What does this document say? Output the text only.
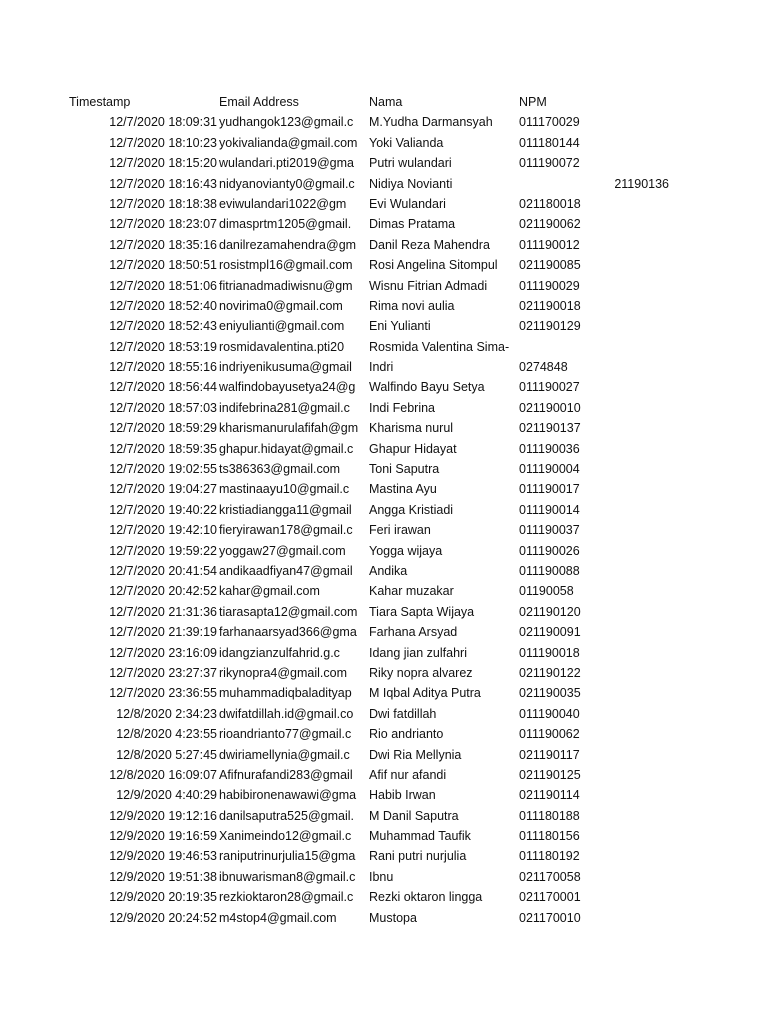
Timestamp	Email Address	Nama	NPM
12/7/2020 18:09:31 yudhangok123@gmail.c	M.Yudha Darmansyah	011170029
12/7/2020 18:10:23 yokivalianda@gmail.com Yoki Valianda	011180144
12/7/2020 18:15:20 wulandari.pti2019@gma	Putri wulandari	011190072
12/7/2020 18:16:43 nidyanovianty0@gmail.c	Nidiya Novianti	21190136
12/7/2020 18:18:38 eviwulandari1022@gm	Evi Wulandari	021180018
12/7/2020 18:23:07 dimasprtm1205@gmail.	Dimas Pratama	021190062
12/7/2020 18:35:16 danilrezamahendra@gm	Danil Reza Mahendra	011190012
12/7/2020 18:50:51 rosistmpl16@gmail.com	Rosi Angelina Sitompul	021190085
12/7/2020 18:51:06 fitrianadmadiwisnu@gm	Wisnu Fitrian Admadi	011190029
12/7/2020 18:52:40 novirima0@gmail.com	Rima novi aulia	021190018
12/7/2020 18:52:43 eniyulianti@gmail.com	Eni Yulianti	021190129
12/7/2020 18:53:19 rosmidavalentina.pti20	Rosmida Valentina Sima-
12/7/2020 18:55:16 indriyenikusuma@gmail	Indri	0274848
12/7/2020 18:56:44 walfindobayusetya24@g	Walfindo Bayu Setya	011190027
12/7/2020 18:57:03 indifebrina281@gmail.c	Indi Febrina	021190010
12/7/2020 18:59:29 kharismanurulafifah@gm Kharisma nurul	021190137
12/7/2020 18:59:35 ghapur.hidayat@gmail.c	Ghapur Hidayat	011190036
12/7/2020 19:02:55 ts386363@gmail.com	Toni Saputra	011190004
12/7/2020 19:04:27 mastinaayu10@gmail.c	Mastina Ayu	011190017
12/7/2020 19:40:22 kristiadiangga11@gmail	Angga Kristiadi	011190014
12/7/2020 19:42:10 fieryirawan178@gmail.c	Feri irawan	011190037
12/7/2020 19:59:22 yoggaw27@gmail.com	Yogga wijaya	011190026
12/7/2020 20:41:54 andikaadfiyan47@gmail	Andika	011190088
12/7/2020 20:42:52 kahar@gmail.com	Kahar muzakar	01190058
12/7/2020 21:31:36 tiarasapta12@gmail.com Tiara Sapta Wijaya	021190120
12/7/2020 21:39:19 farhanaarsyad366@gma Farhana Arsyad	021190091
12/7/2020 23:16:09 idangzianzulfahrid.g.c	Idang jian zulfahri	011190018
12/7/2020 23:27:37 rikynopra4@gmail.com	Riky nopra alvarez	021190122
12/7/2020 23:36:55 muhammadiqbaladityap	M Iqbal Aditya Putra	021190035
12/8/2020 2:34:23 dwifatdillah.id@gmail.co	Dwi fatdillah	011190040
12/8/2020 4:23:55 rioandrianto77@gmail.c	Rio andrianto	011190062
12/8/2020 5:27:45 dwiriamellynia@gmail.c	Dwi Ria Mellynia	021190117
12/8/2020 16:09:07 Afifnurafandi283@gmail	Afif nur afandi	021190125
12/9/2020 4:40:29 habibironenawawi@gma	Habib Irwan	021190114
12/9/2020 19:12:16 danilsaputra525@gmail.	M Danil Saputra	011180188
12/9/2020 19:16:59 Xanimeindo12@gmail.c	Muhammad Taufik	011180156
12/9/2020 19:46:53 raniputrinurjulia15@gma	Rani putri nurjulia	011180192
12/9/2020 19:51:38 ibnuwarisman8@gmail.c	Ibnu	021170058
12/9/2020 20:19:35 rezkioktaron28@gmail.c	Rezki oktaron lingga	021170001
12/9/2020 20:24:52 m4stop4@gmail.com	Mustopa	021170010
